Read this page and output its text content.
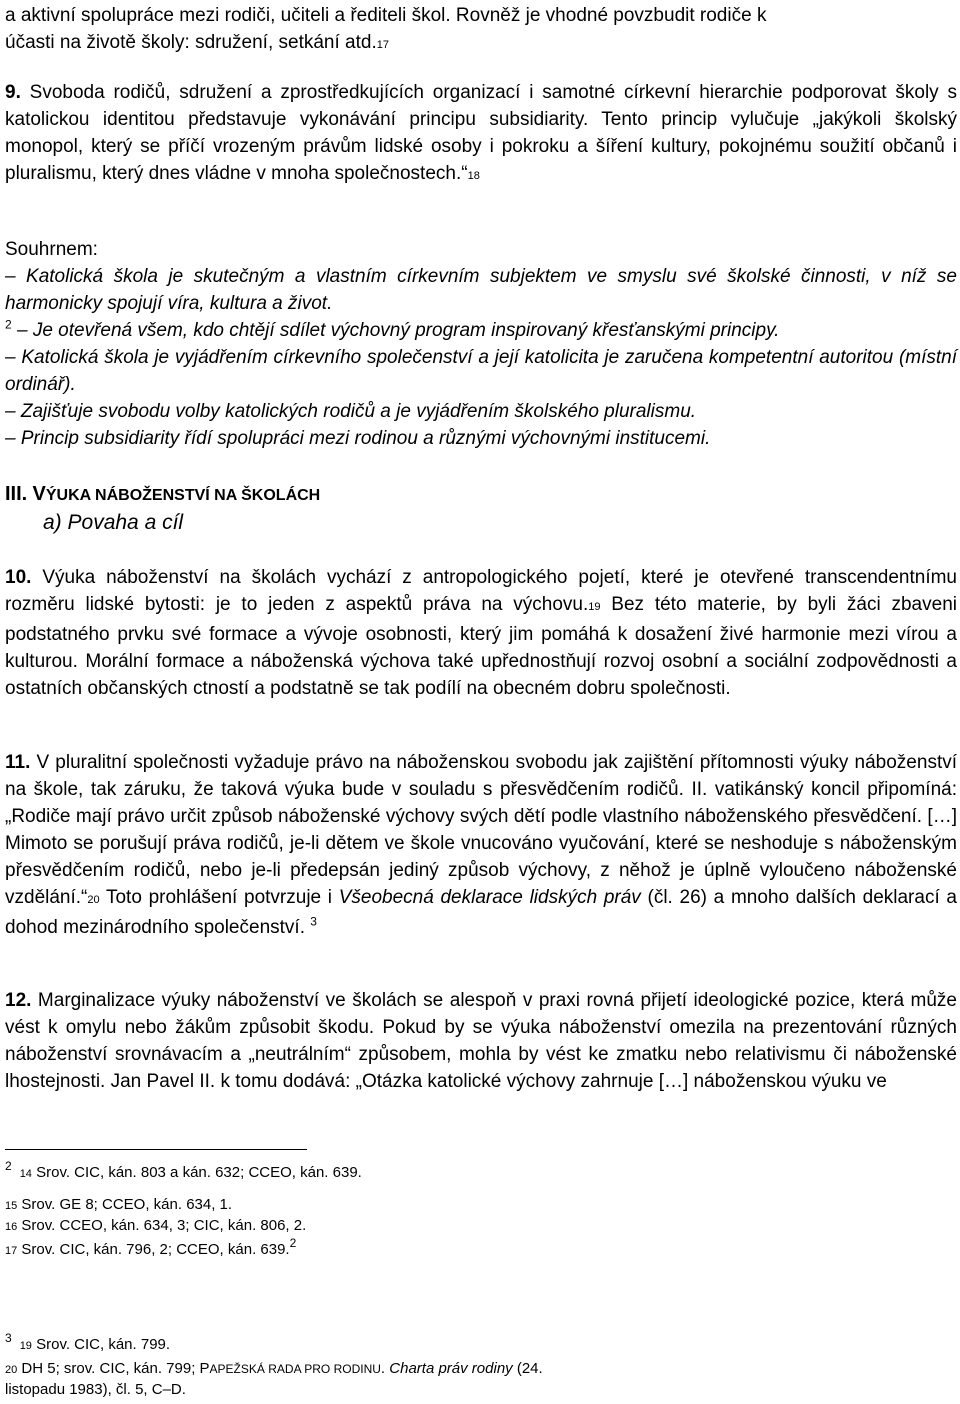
a aktivní spolupráce mezi rodiči, učiteli a řediteli škol. Rovněž je vhodné povzbudit rodiče k
účasti na životě školy: sdružení, setkání atd.17

9. Svoboda rodičů, sdružení a zprostředkujících organizací i samotné církevní hierarchie podporovat školy s katolickou identitou představuje vykonávání principu subsidiarity. Tento princip vylučuje „jakýkoli školský monopol, který se příčí vrozeným právům lidské osoby i pokroku a šíření kultury, pokojnému soužití občanů i pluralismu, který dnes vládne v mnoha společnostech.“18

Souhrnem:

– Katolická škola je skutečným a vlastním církevním subjektem ve smyslu své školské činnosti, v níž se harmonicky spojují víra, kultura a život.

$^2$ – Je otevřená všem, kdo chtějí sdílet výchovný program inspirovaný křesťanskými principy.

– Katolická škola je vyjádřením církevního společenství a její katolicita je zaručena kompetentní autoritou (místní ordinář).

– Zajišťuje svobodu volby katolických rodičů a je vyjádřením školského pluralismu.

– Princip subsidiarity řídí spolupráci mezi rodinou a různými výchovnými institucemi.

III. VÝUKA NÁBOŽENSTVÍ NA ŠKOLÁCH
a) Povaha a cíl

10. Výuka náboženství na školách vychází z antropologického pojetí, které je otevřené transcendentnímu rozměru lidské bytosti: je to jeden z aspektů práva na výchovu.19 Bez této materie, by byli žáci zbaveni podstatného prvku své formace a vývoje osobnosti, který jim pomáhá k dosažení živé harmonie mezi vírou a kulturou. Morální formace a náboženská výchova také upřednostňují rozvoj osobní a sociální zodpovědnosti a ostatních občanských ctností a podstatně se tak podílí na obecném dobru společnosti.

11. V pluralitní společnosti vyžaduje právo na náboženskou svobodu jak zajištění přítomnosti výuky náboženství na škole, tak záruku, že taková výuka bude v souladu s přesvědčením rodičů. II. vatikánský koncil připomíná: „Rodiče mají právo určit způsob náboženské výchovy svých dětí podle vlastního náboženského přesvědčení. […] Mimoto se porušují práva rodičů, je-li dětem ve škole vnucováno vyučování, které se neshoduje s náboženským přesvědčením rodičů, nebo je-li předepsán jediný způsob výchovy, z něhož je úplně vyloučeno náboženské vzdělání.“20 Toto prohlášení potvrzuje i Všeobecná deklarace lidských práv (čl. 26) a mnoho dalších deklarací a dohod mezinárodního společenství. $^3$

12. Marginalizace výuky náboženství ve školách se alespoň v praxi rovná přijetí ideologické pozice, která může vést k omylu nebo žákům způsobit škodu. Pokud by se výuka náboženství omezila na prezentování různých náboženství srovnávacím a „neutrálním“ způsobem, mohla by vést ke zmatku nebo relativismu či náboženské lhostejnosti. Jan Pavel II. k tomu dodává: „Otázka katolické výchovy zahrnuje […] náboženskou výuku ve

$^2$14 Srov. CIC, kán. 803 a kán. 632; CCEO, kán. 639.
15 Srov. GE 8; CCEO, kán. 634, 1.
16 Srov. CCEO, kán. 634, 3; CIC, kán. 806, 2.
17 Srov. CIC, kán. 796, 2; CCEO, kán. 639.$^2$
$^3$19 Srov. CIC, kán. 799.
20 DH 5; srov. CIC, kán. 799; PAPEŽSKÁ RADA PRO RODINU. Charta práv rodiny (24.
listopadu 1983), čl. 5, C–D.
